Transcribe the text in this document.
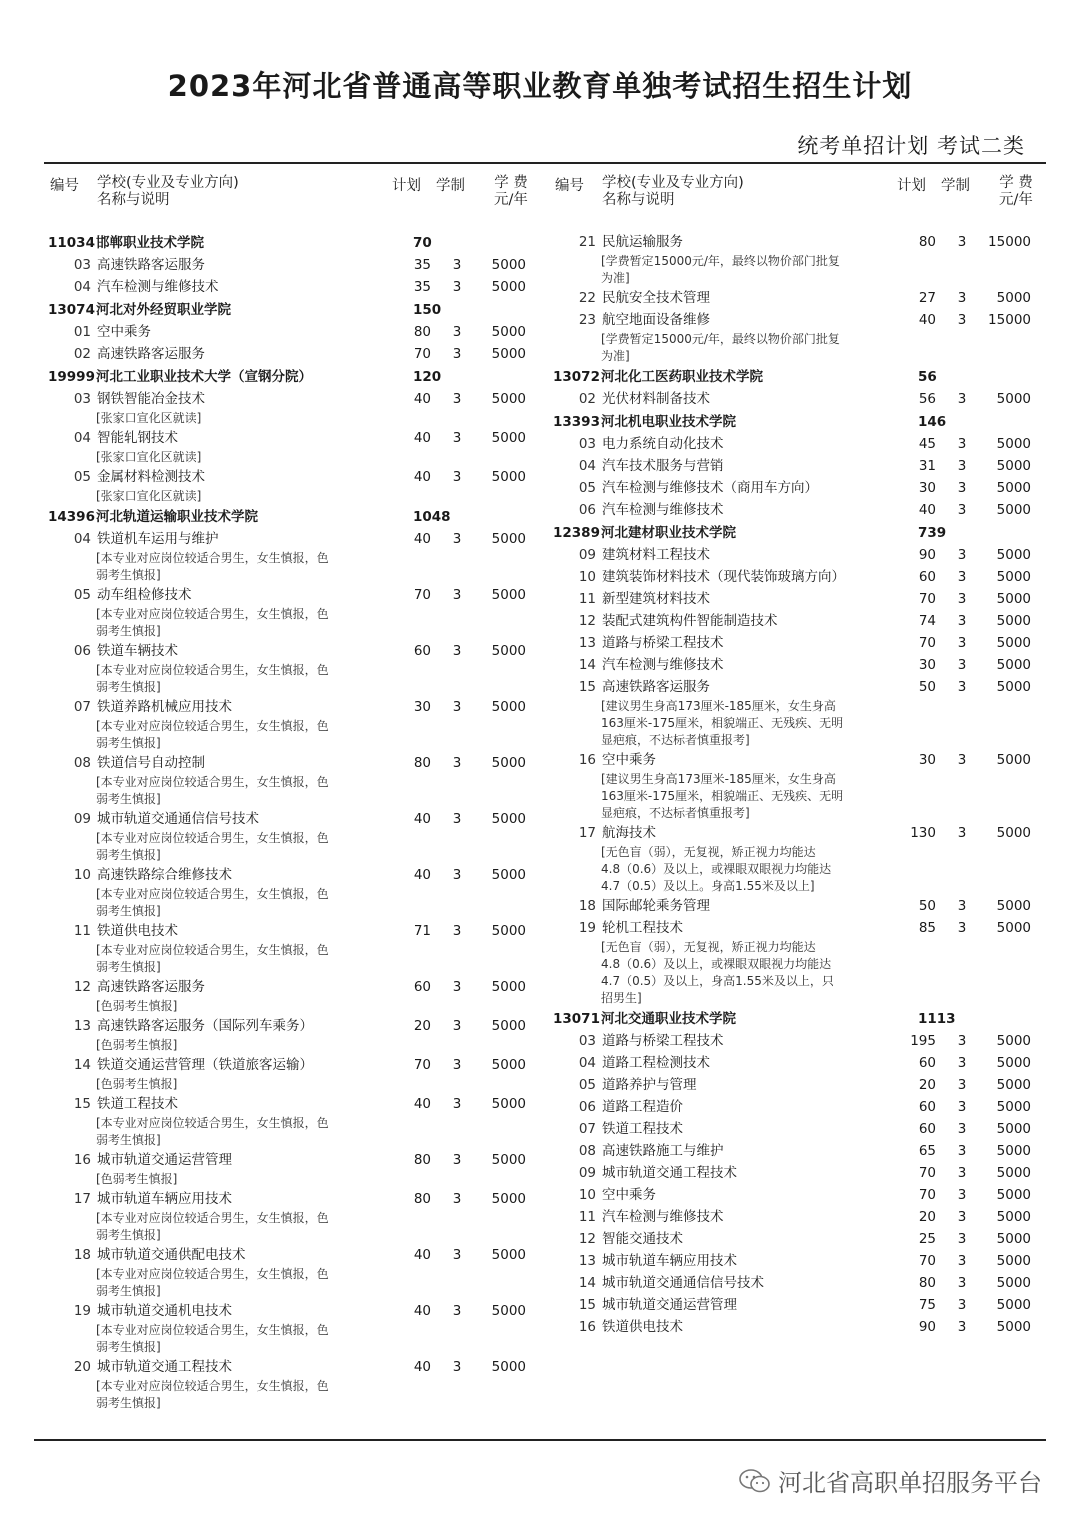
2023年河北省普通高等职业教育单独考试招生招生计划
统考单招计划 考试二类
编号 学校(专业及专业方向)
名称与说明
计划 学制	学 费
元/年
11034 邯郸职业技术学院	70
03 高速铁路客运服务	35 3	5000
04 汽车检测与维修技术	35 3	5000
13074 河北对外经贸职业学院	150
01 空中乘务	80 3	5000
02 高速铁路客运服务	70 3	5000
19999 河北工业职业技术大学（宣钢分院）	120
03 钢铁智能冶金技术	40 3	5000
[张家口宣化区就读]
04 智能轧钢技术	40 3	5000
[张家口宣化区就读]
05 金属材料检测技术	40 3	5000
[张家口宣化区就读]
14396 河北轨道运输职业技术学院	1048
04 铁道机车运用与维护	40 3	5000
[本专业对应岗位较适合男生，女生慎报，色
弱考生慎报]
05 动车组检修技术	70 3	5000
[本专业对应岗位较适合男生，女生慎报，色
弱考生慎报]
06 铁道车辆技术	60 3	5000
[本专业对应岗位较适合男生，女生慎报，色
弱考生慎报]
07 铁道养路机械应用技术	30 3	5000
[本专业对应岗位较适合男生，女生慎报，色
弱考生慎报]
08 铁道信号自动控制	80 3	5000
[本专业对应岗位较适合男生，女生慎报，色
弱考生慎报]
09 城市轨道交通通信信号技术	40 3	5000
[本专业对应岗位较适合男生，女生慎报，色
弱考生慎报]
10 高速铁路综合维修技术	40 3	5000
[本专业对应岗位较适合男生，女生慎报，色
弱考生慎报]
11 铁道供电技术	71 3	5000
[本专业对应岗位较适合男生，女生慎报，色
弱考生慎报]
12 高速铁路客运服务	60 3	5000
[色弱考生慎报]
13 高速铁路客运服务（国际列车乘务）	20 3	5000
[色弱考生慎报]
14 铁道交通运营管理（铁道旅客运输）	70 3	5000
[色弱考生慎报]
15 铁道工程技术	40 3	5000
[本专业对应岗位较适合男生，女生慎报，色
弱考生慎报]
16 城市轨道交通运营管理	80 3	5000
[色弱考生慎报]
17 城市轨道车辆应用技术	80 3	5000
[本专业对应岗位较适合男生，女生慎报，色
弱考生慎报]
18 城市轨道交通供配电技术	40 3	5000
[本专业对应岗位较适合男生，女生慎报，色
弱考生慎报]
19 城市轨道交通机电技术	40 3	5000
[本专业对应岗位较适合男生，女生慎报，色
弱考生慎报]
20 城市轨道交通工程技术	40 3	5000
[本专业对应岗位较适合男生，女生慎报，色
弱考生慎报]
编号 学校(专业及专业方向)
名称与说明
计划 学制	学 费
元/年
21 民航运输服务	80 3 15000
[学费暂定15000元/年，最终以物价部门批复
为准]
22 民航安全技术管理	27 3	5000
23 航空地面设备维修	40 3 15000
[学费暂定15000元/年，最终以物价部门批复
为准]
13072 河北化工医药职业技术学院	56
02 光伏材料制备技术	56 3	5000
13393 河北机电职业技术学院	146
03 电力系统自动化技术	45 3	5000
04 汽车技术服务与营销	31 3	5000
05 汽车检测与维修技术（商用车方向）	30 3	5000
06 汽车检测与维修技术	40 3	5000
12389 河北建材职业技术学院	739
09 建筑材料工程技术	90 3	5000
10 建筑装饰材料技术（现代装饰玻璃方向）	60 3	5000
11 新型建筑材料技术	70 3	5000
12 装配式建筑构件智能制造技术	74 3	5000
13 道路与桥梁工程技术	70 3	5000
14 汽车检测与维修技术	30 3	5000
15 高速铁路客运服务	50 3	5000
[建议男生身高173厘米-185厘米，女生身高
163厘米-175厘米，相貌端正、无残疾、无明
显疤痕，不达标者慎重报考]
16 空中乘务	30 3	5000
[建议男生身高173厘米-185厘米，女生身高
163厘米-175厘米，相貌端正、无残疾、无明
显疤痕，不达标者慎重报考]
17 航海技术	130 3	5000
[无色盲（弱），无复视，矫正视力均能达
4.8（0.6）及以上，或裸眼双眼视力均能达
4.7（0.5）及以上。身高1.55米及以上]
18 国际邮轮乘务管理	50 3	5000
19 轮机工程技术	85 3	5000
[无色盲（弱），无复视，矫正视力均能达
4.8（0.6）及以上，或裸眼双眼视力均能达
4.7（0.5）及以上，身高1.55米及以上，只
招男生]
13071 河北交通职业技术学院	1113
03 道路与桥梁工程技术	195 3	5000
04 道路工程检测技术	60 3	5000
05 道路养护与管理	20 3	5000
06 道路工程造价	60 3	5000
07 铁道工程技术	60 3	5000
08 高速铁路施工与维护	65 3	5000
09 城市轨道交通工程技术	70 3	5000
10 空中乘务	70 3	5000
11 汽车检测与维修技术	20 3	5000
12 智能交通技术	25 3	5000
13 城市轨道车辆应用技术	70 3	5000
14 城市轨道交通通信信号技术	80 3	5000
15 城市轨道交通运营管理	75 3	5000
16 铁道供电技术	90 3	5000
河北省高职单招服务平台
